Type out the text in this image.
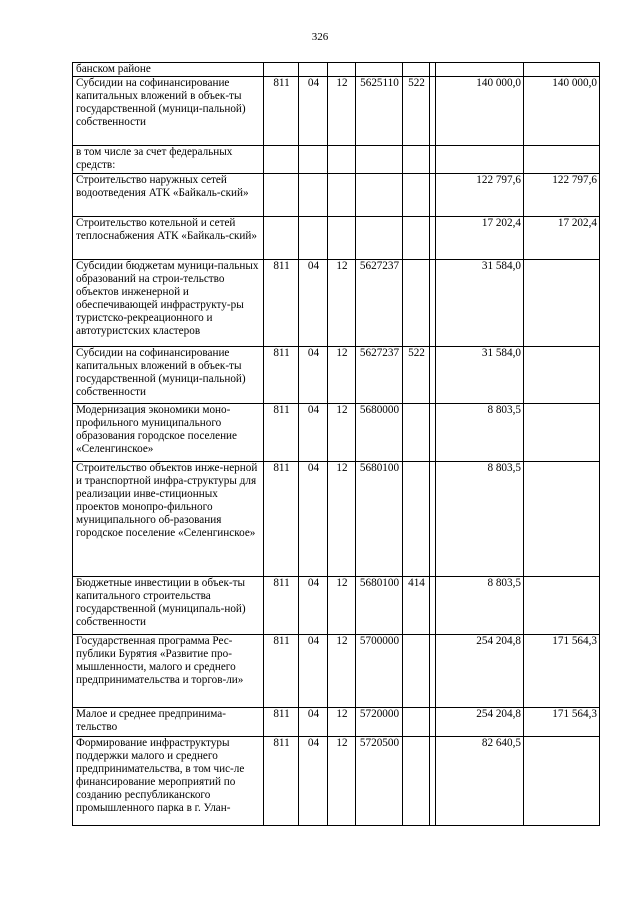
326
банском районе								
Субсидии на софинансирование капитальных вложений в объек-ты государственной (муници-пальной) собственности	811	04	12	5625110	522		140 000,0	140 000,0
в том числе за счет федеральных средств:								
Строительство наружных сетей водоотведения АТК «Байкаль-ский»							122 797,6	122 797,6
Строительство котельной и сетей теплоснабжения АТК «Байкаль-ский»							17 202,4	17 202,4
Субсидии бюджетам муници-пальных образований на строи-тельство объектов инженерной и обеспечивающей инфраструкту-ры туристско-рекреационного и автотуристских кластеров	811	04	12	5627237			31 584,0	
Субсидии на софинансирование капитальных вложений в объек-ты государственной (муници-пальной) собственности	811	04	12	5627237	522		31 584,0	
Модернизация экономики моно-профильного муниципального образования городское поселение «Селенгинское»	811	04	12	5680000			8 803,5	
Строительство объектов инже-нерной и транспортной инфра-структуры для реализации инве-стиционных проектов монопро-фильного муниципального об-разования городское поселение «Селенгинское»	811	04	12	5680100			8 803,5	
Бюджетные инвестиции в объек-ты капитального строительства государственной (муниципаль-ной) собственности	811	04	12	5680100	414		8 803,5	
Государственная программа Рес-публики Бурятия «Развитие про-мышленности, малого и среднего предпринимательства и торгов-ли»	811	04	12	5700000			254 204,8	171 564,3
Малое и среднее предпринима-тельство	811	04	12	5720000			254 204,8	171 564,3
Формирование инфраструктуры поддержки малого и среднего предпринимательства, в том чис-ле финансирование мероприятий по созданию республиканского промышленного парка в г. Улан-	811	04	12	5720500			82 640,5	
